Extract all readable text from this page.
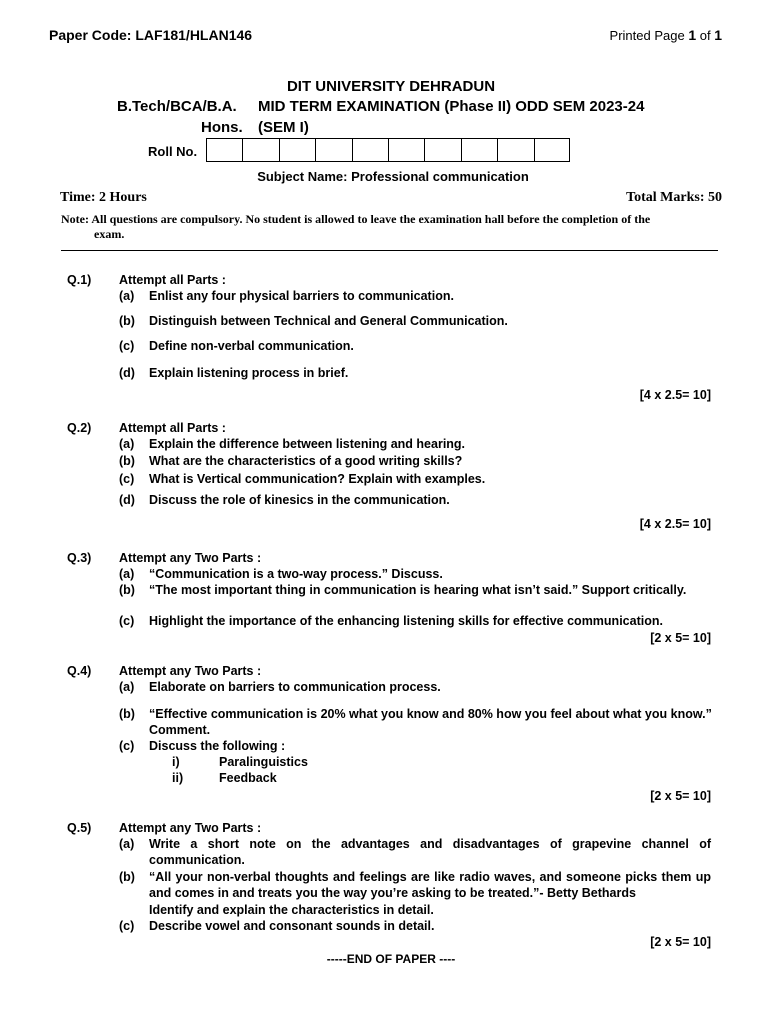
Paper Code: LAF181/HLAN146	Printed Page 1 of 1
DIT UNIVERSITY DEHRADUN
B.Tech/BCA/B.A.
Hons.
MID TERM EXAMINATION (Phase II) ODD SEM 2023-24
(SEM I)
Roll No.
Subject Name: Professional communication
Time: 2 Hours	Total Marks: 50
Note: All questions are compulsory. No student is allowed to leave the examination hall before the completion of the
exam.
Q.1) Attempt all Parts :
(a) Enlist any four physical barriers to communication.
(b) Distinguish between Technical and General Communication.
(c) Define non-verbal communication.
(d) Explain listening process in brief.
[4 x 2.5= 10]
Q.2) Attempt all Parts :
(a) Explain the difference between listening and hearing.
(b) What are the characteristics of a good writing skills?
(c) What is Vertical communication? Explain with examples.
(d) Discuss the role of kinesics in the communication.
[4 x 2.5= 10]
Q.3) Attempt any Two Parts :
(a) “Communication is a two-way process.” Discuss.
(b) “The most important thing in communication is hearing what isn’t said.” Support critically.
(c) Highlight the importance of the enhancing listening skills for effective communication.
[2 x 5= 10]
Q.4) Attempt any Two Parts :
(a) Elaborate on barriers to communication process.
(b) “Effective communication is 20% what you know and 80% how you feel about what you know.”
Comment.
(c) Discuss the following :
i)	Paralinguistics
ii)	Feedback
[2 x 5= 10]
Q.5) Attempt any Two Parts :
(a) Write a short note on the advantages and disadvantages of grapevine channel of
communication.
(b) “All your non-verbal thoughts and feelings are like radio waves, and someone picks them up
and comes in and treats you the way you’re asking to be treated.”- Betty Bethards
Identify and explain the characteristics in detail.
(c) Describe vowel and consonant sounds in detail.
[2 x 5= 10]
-----END OF PAPER ----
